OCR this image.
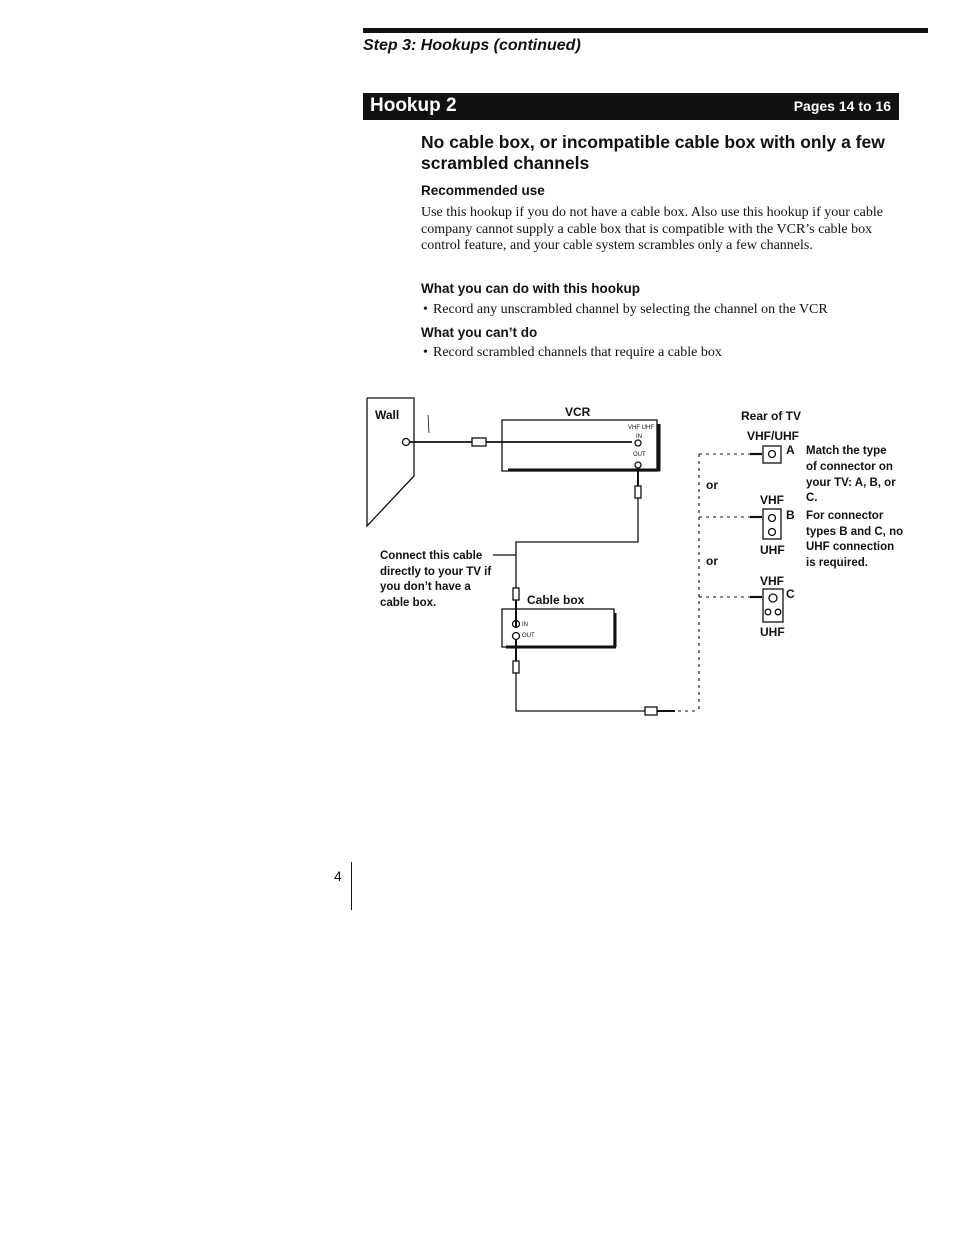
Step 3: Hookups (continued)
Hookup 2	Pages 14 to 16
No cable box, or incompatible cable box with only a few scrambled channels
Recommended use

Use this hookup if you do not have a cable box. Also use this hookup if your cable company cannot supply a cable box that is compatible with the VCR’s cable box control feature, and your cable system scrambles only a few channels.

What you can do with this hookup
• Record any unscrambled channel by selecting the channel on the VCR
What you can’t do
• Record scrambled channels that require a cable box
Wall	VCR
Cable box
Rear of TV
VHF/UHF
A
B
C
or
or
VHF
UHF
VHF
UHF
VHF UHF
IN
OUT
IN
OUT
Connect this cable
directly to your TV if
you don’t have a
cable box.
Match the type
of connector on
your TV: A, B, or
C.
For connector
types B and C, no
UHF connection
is required.
4
